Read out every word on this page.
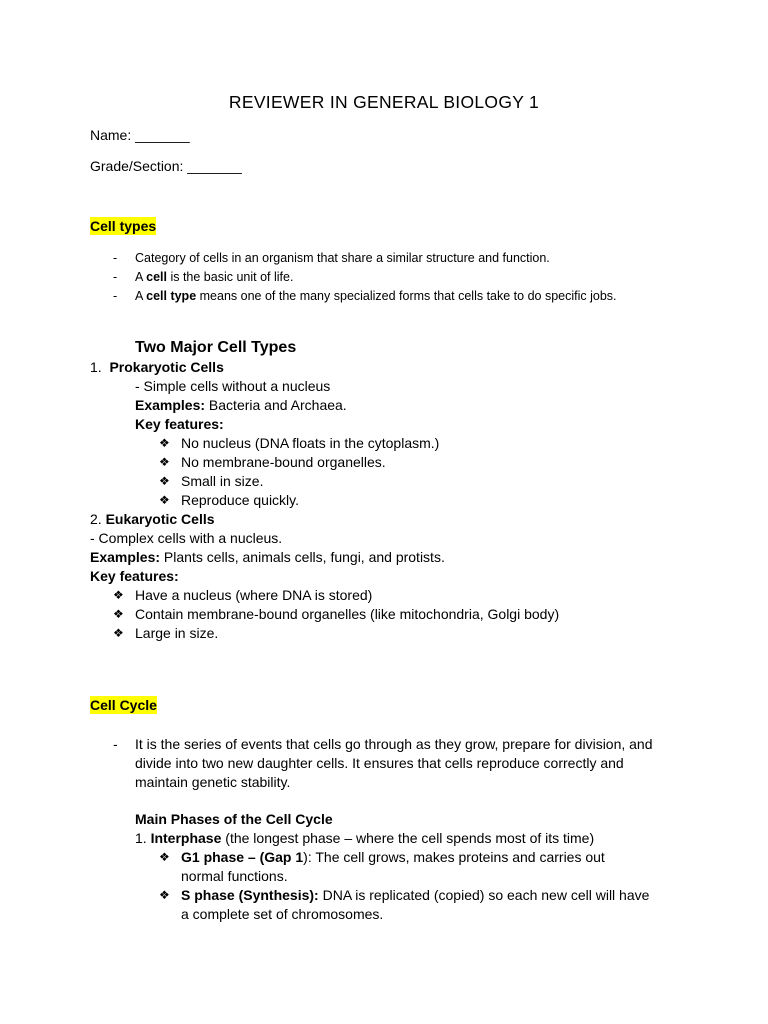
REVIEWER IN GENERAL BIOLOGY 1
Name: _______
Grade/Section: _______
Cell types
- Category of cells in an organism that share a similar structure and function.
- A cell is the basic unit of life.
- A cell type means one of the many specialized forms that cells take to do specific jobs.
Two Major Cell Types
1. Prokaryotic Cells
- Simple cells without a nucleus
Examples: Bacteria and Archaea.
Key features:
❖ No nucleus (DNA floats in the cytoplasm.)
❖ No membrane-bound organelles.
❖ Small in size.
❖ Reproduce quickly.
2. Eukaryotic Cells
- Complex cells with a nucleus.
Examples: Plants cells, animals cells, fungi, and protists.
Key features:
❖ Have a nucleus (where DNA is stored)
❖ Contain membrane-bound organelles (like mitochondria, Golgi body)
❖ Large in size.
Cell Cycle
- It is the series of events that cells go through as they grow, prepare for division, and divide into two new daughter cells. It ensures that cells reproduce correctly and maintain genetic stability.
Main Phases of the Cell Cycle
1. Interphase (the longest phase – where the cell spends most of its time)
❖ G1 phase – (Gap 1): The cell grows, makes proteins and carries out normal functions.
❖ S phase (Synthesis): DNA is replicated (copied) so each new cell will have a complete set of chromosomes.
